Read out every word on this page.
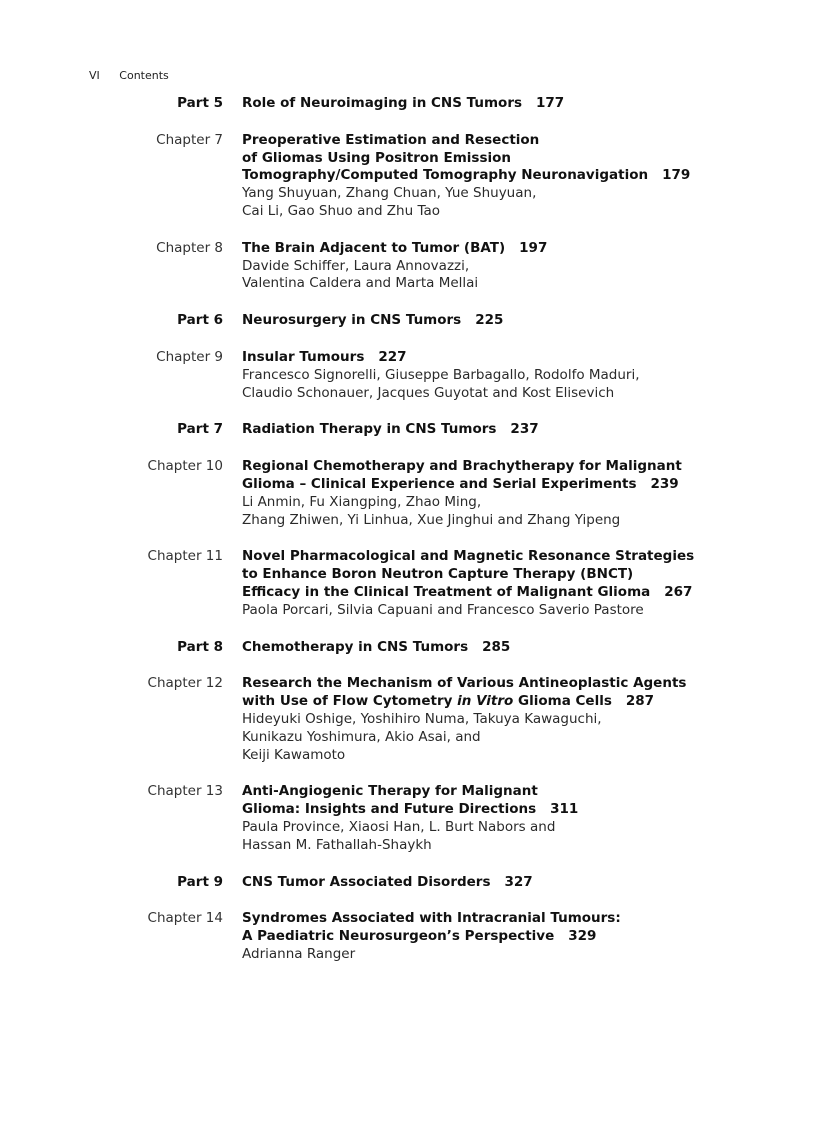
VI Contents
Part 5	Role of Neuroimaging in CNS Tumors 177
Chapter 7	Preoperative Estimation and Resection
of Gliomas Using Positron Emission
Tomography/Computed Tomography Neuronavigation 179
Yang Shuyuan, Zhang Chuan, Yue Shuyuan,
Cai Li, Gao Shuo and Zhu Tao
Chapter 8	The Brain Adjacent to Tumor (BAT) 197
Davide Schiffer, Laura Annovazzi,
Valentina Caldera and Marta Mellai
Part 6	Neurosurgery in CNS Tumors 225
Chapter 9	Insular Tumours 227
Francesco Signorelli, Giuseppe Barbagallo, Rodolfo Maduri,
Claudio Schonauer, Jacques Guyotat and Kost Elisevich
Part 7	Radiation Therapy in CNS Tumors 237
Chapter 10	Regional Chemotherapy and Brachytherapy for Malignant
Glioma – Clinical Experience and Serial Experiments 239
Li Anmin, Fu Xiangping, Zhao Ming,
Zhang Zhiwen, Yi Linhua, Xue Jinghui and Zhang Yipeng
Chapter 11	Novel Pharmacological and Magnetic Resonance Strategies
to Enhance Boron Neutron Capture Therapy (BNCT)
Efficacy in the Clinical Treatment of Malignant Glioma 267
Paola Porcari, Silvia Capuani and Francesco Saverio Pastore
Part 8	Chemotherapy in CNS Tumors 285
Chapter 12	Research the Mechanism of Various Antineoplastic Agents
with Use of Flow Cytometry in Vitro Glioma Cells 287
Hideyuki Oshige, Yoshihiro Numa, Takuya Kawaguchi,
Kunikazu Yoshimura, Akio Asai, and
Keiji Kawamoto
Chapter 13	Anti-Angiogenic Therapy for Malignant
Glioma: Insights and Future Directions 311
Paula Province, Xiaosi Han, L. Burt Nabors and
Hassan M. Fathallah-Shaykh
Part 9	CNS Tumor Associated Disorders 327
Chapter 14	Syndromes Associated with Intracranial Tumours:
A Paediatric Neurosurgeon’s Perspective 329
Adrianna Ranger
